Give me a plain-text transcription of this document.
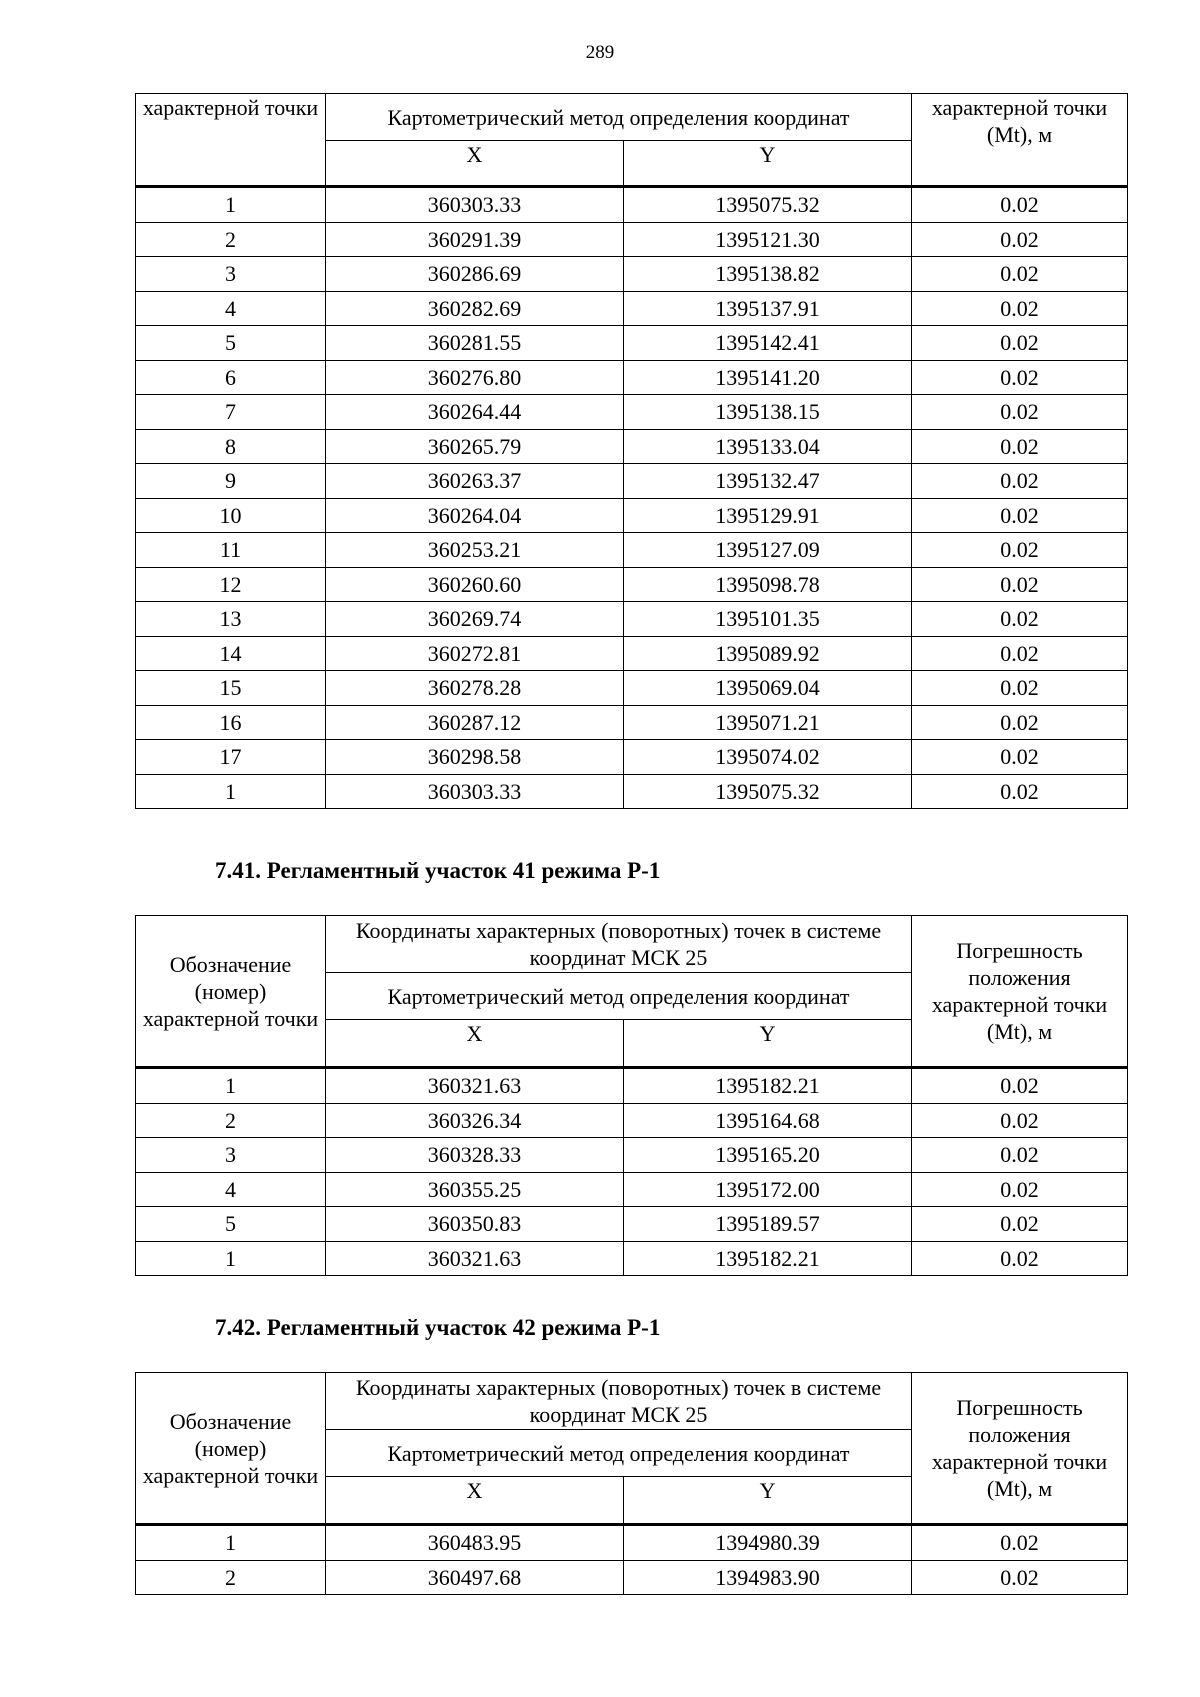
289
характерной точки	Картометрический метод определения координат		характерной точки (Mt), м
	X	Y	
1	360303.33	1395075.32	0.02
2	360291.39	1395121.30	0.02
3	360286.69	1395138.82	0.02
4	360282.69	1395137.91	0.02
5	360281.55	1395142.41	0.02
6	360276.80	1395141.20	0.02
7	360264.44	1395138.15	0.02
8	360265.79	1395133.04	0.02
9	360263.37	1395132.47	0.02
10	360264.04	1395129.91	0.02
11	360253.21	1395127.09	0.02
12	360260.60	1395098.78	0.02
13	360269.74	1395101.35	0.02
14	360272.81	1395089.92	0.02
15	360278.28	1395069.04	0.02
16	360287.12	1395071.21	0.02
17	360298.58	1395074.02	0.02
1	360303.33	1395075.32	0.02
7.41. Регламентный участок 41 режима Р-1
Обозначение (номер) характерной точки	Координаты характерных (поворотных) точек в системе координат МСК 25		Погрешность положения характерной точки (Mt), м
	Картометрический метод определения координат		
	X	Y	
1	360321.63	1395182.21	0.02
2	360326.34	1395164.68	0.02
3	360328.33	1395165.20	0.02
4	360355.25	1395172.00	0.02
5	360350.83	1395189.57	0.02
1	360321.63	1395182.21	0.02
7.42. Регламентный участок 42 режима Р-1
Обозначение (номер) характерной точки	Координаты характерных (поворотных) точек в системе координат МСК 25		Погрешность положения характерной точки (Mt), м
	Картометрический метод определения координат		
	X	Y	
1	360483.95	1394980.39	0.02
2	360497.68	1394983.90	0.02
